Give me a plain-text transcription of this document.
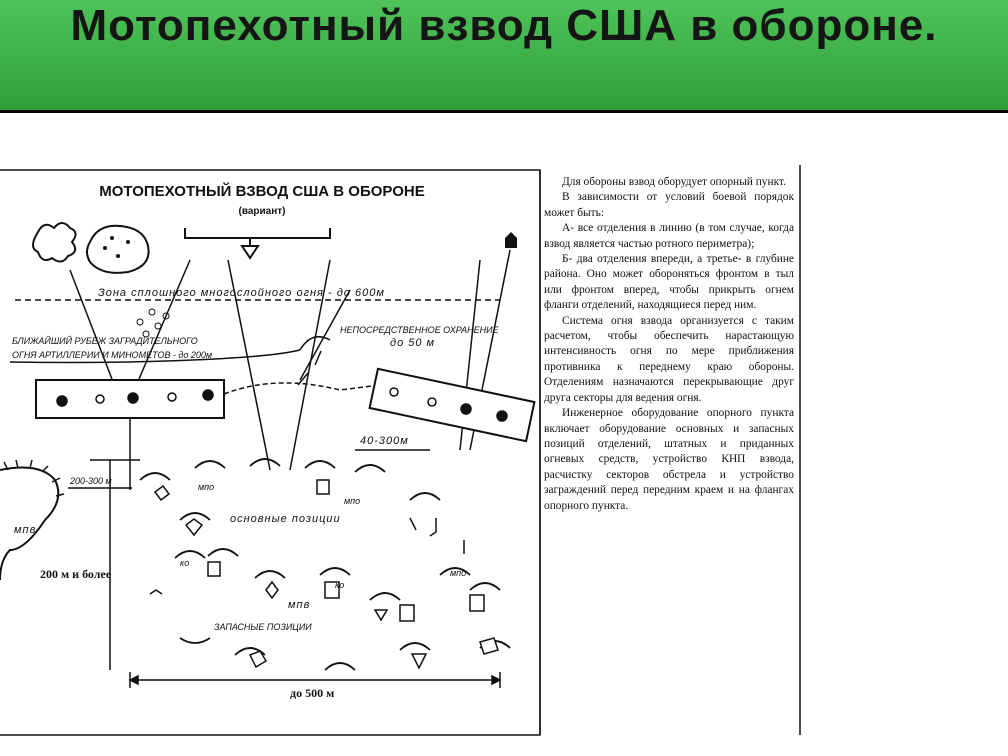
Мотопехотный взвод США в обороне.
МОТОПЕХОТНЫЙ ВЗВОД США В ОБОРОНЕ
(вариант)
Зона сплошного многослойного огня - до 600м
НЕПОСРЕДСТВЕННОЕ ОХРАНЕНИЕ
до 50 м
БЛИЖАЙШИЙ РУБЕЖ ЗАГРАДИТЕЛЬНОГО
ОГНЯ АРТИЛЛЕРИИ И МИНОМЕТОВ - до 200м
40-300м
200-300 м
мпв
200 м и более
мпо
мпо
мпо
основные позиции
ко
ко
мпв
ЗАПАСНЫЕ ПОЗИЦИИ
до 500 м

Для обороны взвод оборудует опорный пункт.

В зависимости от условий боевой порядок может быть:

А- все отделения в линию (в том случае, когда взвод является частью ротного периметра);

Б- два отделения впереди, а третье- в глубине района. Оно может обороняться фронтом в тыл или фронтом вперед, чтобы прикрыть огнем фланги отделений, находящиеся перед ним.

Система огня взвода организуется с таким расчетом, чтобы обеспечить нарастающую интенсивность огня по мере приближения противника к переднему краю обороны. Отделениям назначаются перекрывающие друг друга секторы для ведения огня.

Инженерное оборудование опорного пункта включает оборудование основных и запасных позиций отделений, штатных и приданных огневых средств, устройство КНП взвода, расчистку секторов обстрела и устройство заграждений перед передним краем и на флангах опорного пункта.
